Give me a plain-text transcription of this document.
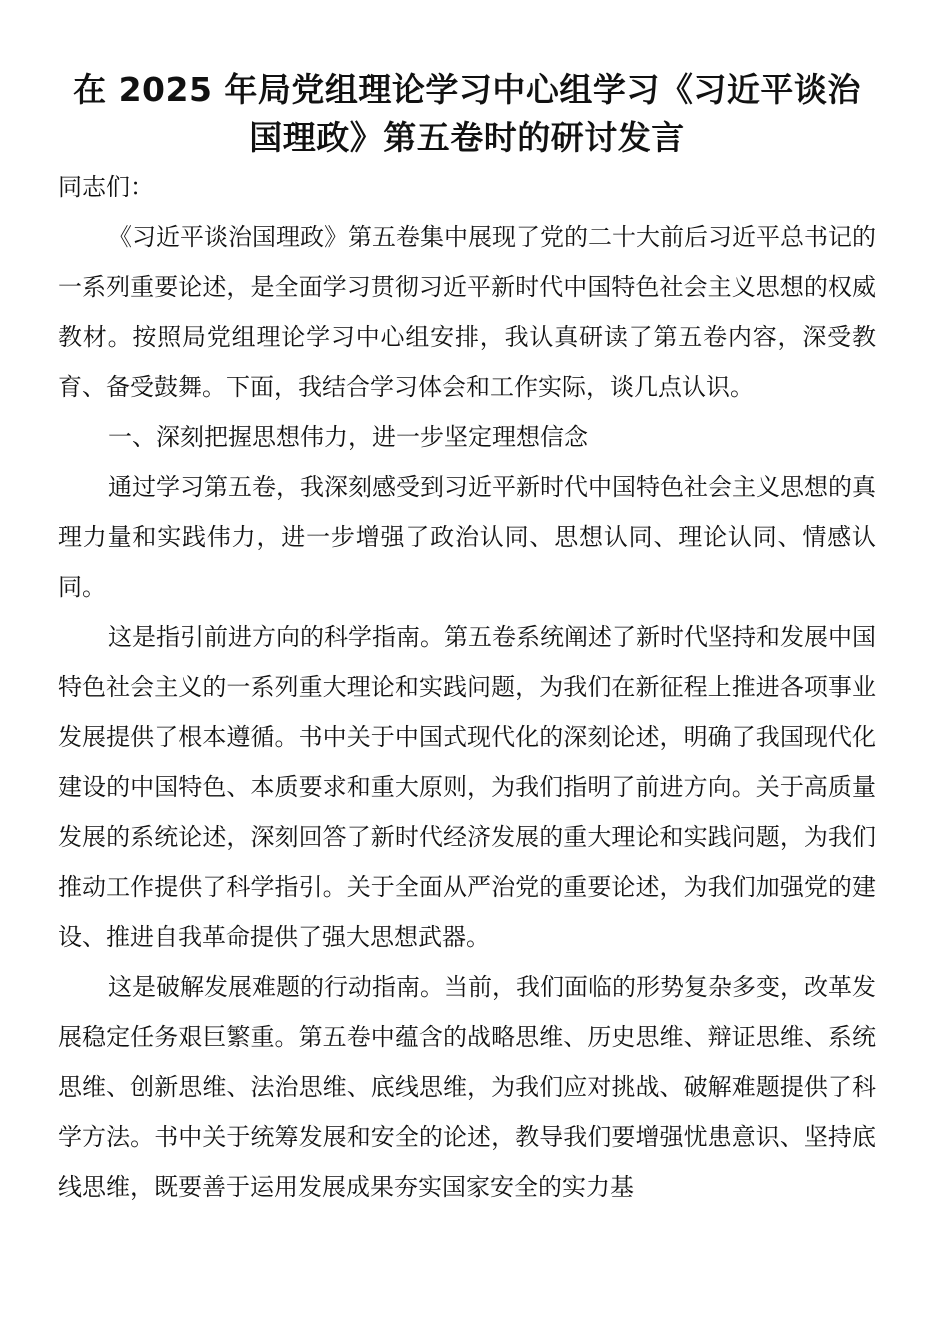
在 2025 年局党组理论学习中心组学习《习近平谈治国理政》第五卷时的研讨发言

同志们：

《习近平谈治国理政》第五卷集中展现了党的二十大前后习近平总书记的一系列重要论述，是全面学习贯彻习近平新时代中国特色社会主义思想的权威教材。按照局党组理论学习中心组安排，我认真研读了第五卷内容，深受教育、备受鼓舞。下面，我结合学习体会和工作实际，谈几点认识。

一、深刻把握思想伟力，进一步坚定理想信念

通过学习第五卷，我深刻感受到习近平新时代中国特色社会主义思想的真理力量和实践伟力，进一步增强了政治认同、思想认同、理论认同、情感认同。

这是指引前进方向的科学指南。第五卷系统阐述了新时代坚持和发展中国特色社会主义的一系列重大理论和实践问题，为我们在新征程上推进各项事业发展提供了根本遵循。书中关于中国式现代化的深刻论述，明确了我国现代化建设的中国特色、本质要求和重大原则，为我们指明了前进方向。关于高质量发展的系统论述，深刻回答了新时代经济发展的重大理论和实践问题，为我们推动工作提供了科学指引。关于全面从严治党的重要论述，为我们加强党的建设、推进自我革命提供了强大思想武器。

这是破解发展难题的行动指南。当前，我们面临的形势复杂多变，改革发展稳定任务艰巨繁重。第五卷中蕴含的战略思维、历史思维、辩证思维、系统思维、创新思维、法治思维、底线思维，为我们应对挑战、破解难题提供了科学方法。书中关于统筹发展和安全的论述，教导我们要增强忧患意识、坚持底线思维，既要善于运用发展成果夯实国家安全的实力基
